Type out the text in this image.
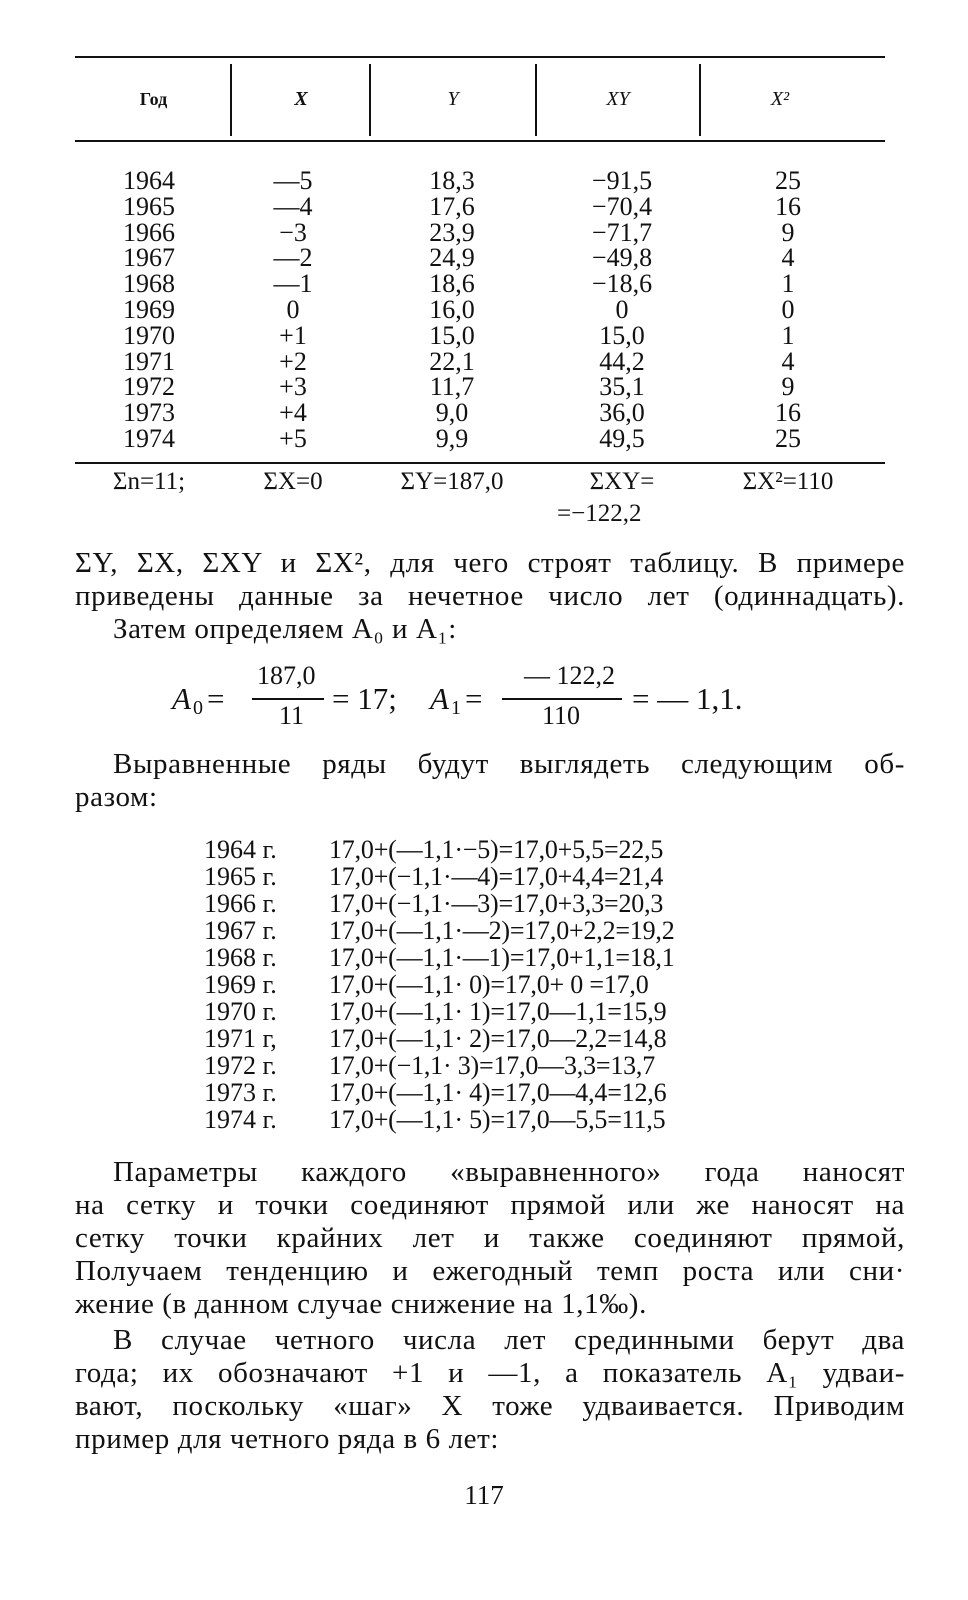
Год	X	Y	XY	X²
1964	—5	18,3	−91,5	25
1965	—4	17,6	−70,4	16
1966	−3	23,9	−71,7	9
1967	—2	24,9	−49,8	4
1968	—1	18,6	−18,6	1
1969	0	16,0	0	0
1970	+1	15,0	15,0	1
1971	+2	22,1	44,2	4
1972	+3	11,7	35,1	9
1973	+4	9,0	36,0	16
1974	+5	9,9	49,5	25
Σn=11;	ΣX=0	ΣY=187,0	ΣXY=	ΣX²=110
=−122,2
ΣY, ΣX, ΣXY и ΣX², для чего строят таблицу. В примере
приведены данные за нечетное число лет (одиннадцать).
Затем определяем A₀ и A₁:
A 0 =
187,0
11 = 17; A 1 =
— 122,2
110 = — 1,1.
Выравненные ряды будут выглядеть следующим об-
разом:
1964 г.	17,0+(—1,1·−5)=17,0+5,5=22,5
1965 г.	17,0+(−1,1·—4)=17,0+4,4=21,4
1966 г.	17,0+(−1,1·—3)=17,0+3,3=20,3
1967 г.	17,0+(—1,1·—2)=17,0+2,2=19,2
1968 г.	17,0+(—1,1·—1)=17,0+1,1=18,1
1969 г.	17,0+(—1,1· 0)=17,0+ 0 =17,0
1970 г.	17,0+(—1,1· 1)=17,0—1,1=15,9
1971 г,	17,0+(—1,1· 2)=17,0—2,2=14,8
1972 г.	17,0+(−1,1· 3)=17,0—3,3=13,7
1973 г.	17,0+(—1,1· 4)=17,0—4,4=12,6
1974 г.	17,0+(—1,1· 5)=17,0—5,5=11,5
Параметры каждого «выравненного» года наносят
на сетку и точки соединяют прямой или же наносят на
сетку точки крайних лет и также соединяют прямой,
Получаем тенденцию и ежегодный темп роста или сни·
жение (в данном случае снижение на 1,1‰).
В случае четного числа лет срединными берут два
года; их обозначают +1 и —1, а показатель A₁ удваи-
вают, поскольку «шаг» X тоже удваивается. Приводим
пример для четного ряда в 6 лет:
117
